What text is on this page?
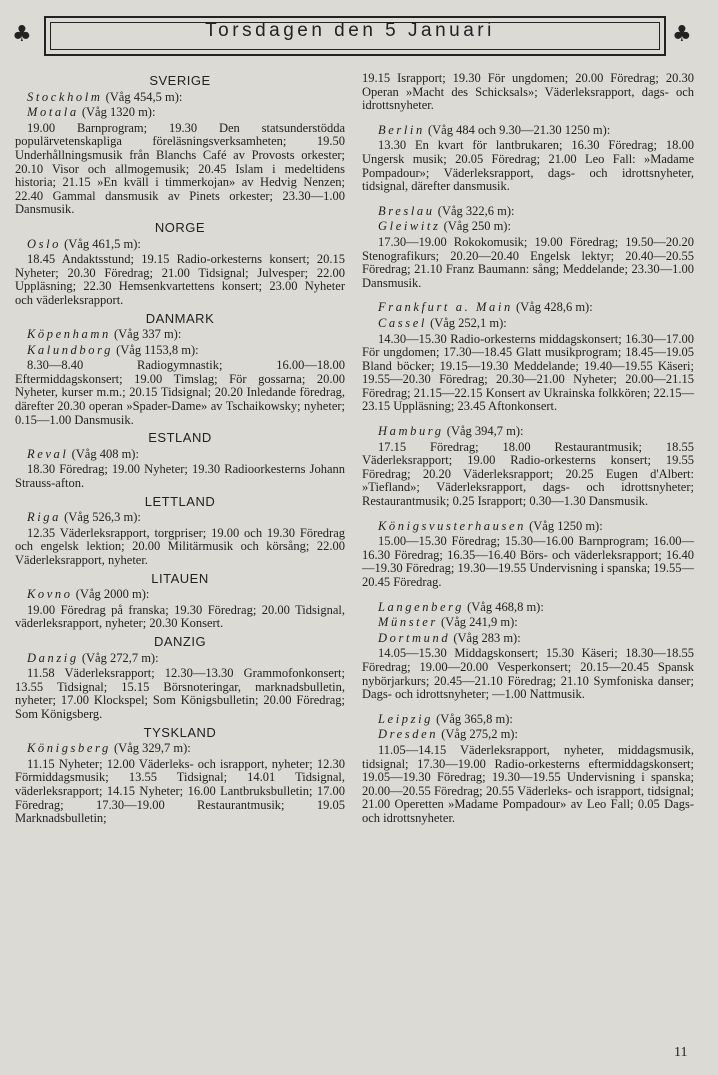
♣	Torsdagen den 5 Januari	♣
SVERIGE
Stockholm (Våg 454,5 m):
Motala (Våg 1320 m):
19.00 Barnprogram; 19.30 Den statsunderstödda populärvetenskapliga föreläsningsverksamheten; 19.50 Underhållningsmusik från Blanchs Café av Provosts orkester; 20.10 Visor och allmogemusik; 20.45 Islam i medeltidens historia; 21.15 »En kväll i timmerkojan» av Hedvig Nenzen; 22.40 Gammal dansmusik av Pinets orkester; 23.30—1.00 Dansmusik.
NORGE
Oslo (Våg 461,5 m):
18.45 Andaktsstund; 19.15 Radio-orkesterns konsert; 20.15 Nyheter; 20.30 Föredrag; 21.00 Tidsignal; Julvesper; 22.00 Uppläsning; 22.30 Hemsenkvartettens konsert; 23.00 Nyheter och väderleksrapport.
DANMARK
Köpenhamn (Våg 337 m):
Kalundborg (Våg 1153,8 m):
8.30—8.40 Radiogymnastik; 16.00—18.00 Eftermiddagskonsert; 19.00 Timslag; För gossarna; 20.00 Nyheter, kurser m.m.; 20.15 Tidsignal; 20.20 Inledande föredrag, därefter 20.30 operan »Spader-Dame» av Tschaikowsky; nyheter; 0.15—1.00 Dansmusik.
ESTLAND
Reval (Våg 408 m):
18.30 Föredrag; 19.00 Nyheter; 19.30 Radioorkesterns Johann Strauss-afton.
LETTLAND
Riga (Våg 526,3 m):
12.35 Väderleksrapport, torgpriser; 19.00 och 19.30 Föredrag och engelsk lektion; 20.00 Militärmusik och körsång; 22.00 Väderleksrapport, nyheter.
LITAUEN
Kovno (Våg 2000 m):
19.00 Föredrag på franska; 19.30 Föredrag; 20.00 Tidsignal, väderleksrapport, nyheter; 20.30 Konsert.
DANZIG
Danzig (Våg 272,7 m):
11.58 Väderleksrapport; 12.30—13.30 Grammofonkonsert; 13.55 Tidsignal; 15.15 Börsnoteringar, marknadsbulletin, nyheter; 17.00 Klockspel; Som Königsbulletin; 20.00 Föredrag; Som Königsberg.
TYSKLAND
Königsberg (Våg 329,7 m):
11.15 Nyheter; 12.00 Väderleks- och israpport, nyheter; 12.30 Förmiddagsmusik; 13.55 Tidsignal; 14.01 Tidsignal, väderleksrapport; 14.15 Nyheter; 16.00 Lantbruksbulletin; 17.00 Föredrag; 17.30—19.00 Restaurantmusik; 19.05 Marknadsbulletin;
19.15 Israpport; 19.30 För ungdomen; 20.00 Föredrag; 20.30 Operan »Macht des Schicksals»; Väderleksrapport, dags- och idrottsnyheter.
Berlin (Våg 484 och 9.30—21.30 1250 m):
13.30 En kvart för lantbrukaren; 16.30 Föredrag; 18.00 Ungersk musik; 20.05 Föredrag; 21.00 Leo Fall: »Madame Pompadour»; Väderleksrapport, dags- och idrottsnyheter, tidsignal, därefter dansmusik.
Breslau (Våg 322,6 m):
Gleiwitz (Våg 250 m):
17.30—19.00 Rokokomusik; 19.00 Föredrag; 19.50—20.20 Stenografikurs; 20.20—20.40 Engelsk lektyr; 20.40—20.55 Föredrag; 21.10 Franz Baumann: sång; Meddelande; 23.30—1.00 Dansmusik.
Frankfurt a. Main (Våg 428,6 m):
Cassel (Våg 252,1 m):
14.30—15.30 Radio-orkesterns middagskonsert; 16.30—17.00 För ungdomen; 17.30—18.45 Glatt musikprogram; 18.45—19.05 Bland böcker; 19.15—19.30 Meddelande; 19.40—19.55 Käseri; 19.55—20.30 Föredrag; 20.30—21.00 Nyheter; 20.00—21.15 Föredrag; 21.15—22.15 Konsert av Ukrainska folkkören; 22.15—23.15 Uppläsning; 23.45 Aftonkonsert.
Hamburg (Våg 394,7 m):
17.15 Föredrag; 18.00 Restaurantmusik; 18.55 Väderleksrapport; 19.00 Radio-orkesterns konsert; 19.55 Föredrag; 20.20 Väderleksrapport; 20.25 Eugen d'Albert: »Tiefland»; Väderleksrapport, dags- och idrottsnyheter; Restaurantmusik; 0.25 Israpport; 0.30—1.30 Dansmusik.
Königsvusterhausen (Våg 1250 m):
15.00—15.30 Föredrag; 15.30—16.00 Barnprogram; 16.00—16.30 Föredrag; 16.35—16.40 Börs- och väderleksrapport; 16.40—19.30 Föredrag; 19.30—19.55 Undervisning i spanska; 19.55—20.45 Föredrag.
Langenberg (Våg 468,8 m):
Münster (Våg 241,9 m):
Dortmund (Våg 283 m):
14.05—15.30 Middagskonsert; 15.30 Käseri; 18.30—18.55 Föredrag; 19.00—20.00 Vesperkonsert; 20.15—20.45 Spansk nybörjarkurs; 20.45—21.10 Föredrag; 21.10 Symfoniska danser; Dags- och idrottsnyheter; —1.00 Nattmusik.
Leipzig (Våg 365,8 m):
Dresden (Våg 275,2 m):
11.05—14.15 Väderleksrapport, nyheter, middagsmusik, tidsignal; 17.30—19.00 Radio-orkesterns eftermiddagskonsert; 19.05—19.30 Föredrag; 19.30—19.55 Undervisning i spanska; 20.00—20.55 Föredrag; 20.55 Väderleks- och israpport, tidsignal; 21.00 Operetten »Madame Pompadour» av Leo Fall; 0.05 Dags- och idrottsnyheter.
11
